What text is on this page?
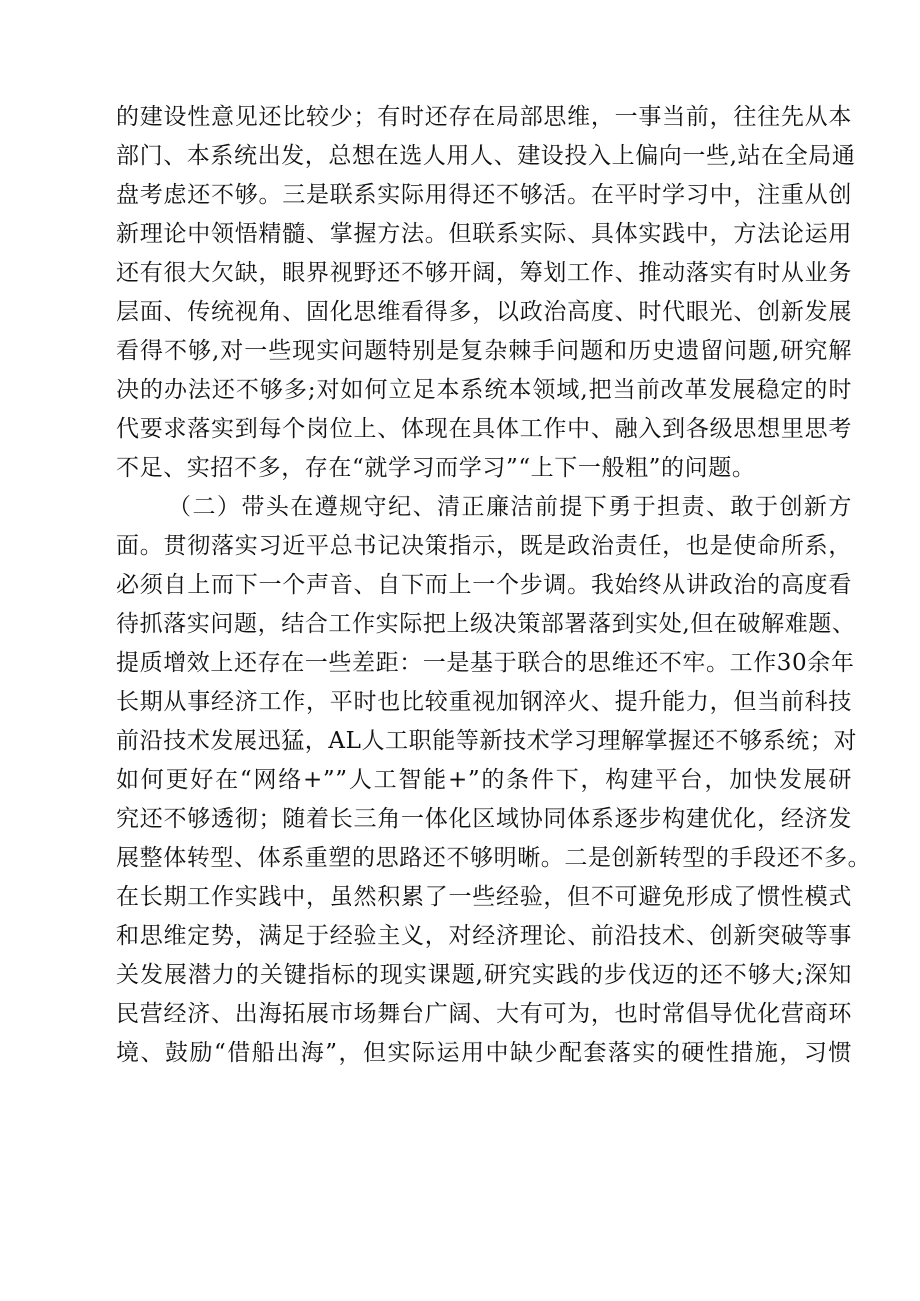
的建设性意见还比较少；有时还存在局部思维，一事当前，往往先从本
部门、本系统出发，总想在选人用人、建设投入上偏向一些,站在全局通
盘考虑还不够。三是联系实际用得还不够活。在平时学习中，注重从创
新理论中领悟精髓、掌握方法。但联系实际、具体实践中，方法论运用
还有很大欠缺，眼界视野还不够开阔，筹划工作、推动落实有时从业务
层面、传统视角、固化思维看得多，以政治高度、时代眼光、创新发展
看得不够,对一些现实问题特别是复杂棘手问题和历史遗留问题,研究解
决的办法还不够多;对如何立足本系统本领域,把当前改革发展稳定的时
代要求落实到每个岗位上、体现在具体工作中、融入到各级思想里思考
不足、实招不多，存在“就学习而学习”“上下一般粗”的问题。
（二）带头在遵规守纪、清正廉洁前提下勇于担责、敢于创新方
面。贯彻落实习近平总书记决策指示，既是政治责任，也是使命所系，
必须自上而下一个声音、自下而上一个步调。我始终从讲政治的高度看
待抓落实问题，结合工作实际把上级决策部署落到实处,但在破解难题、
提质增效上还存在一些差距：一是基于联合的思维还不牢。工作30余年
长期从事经济工作，平时也比较重视加钢淬火、提升能力，但当前科技
前沿技术发展迅猛，AL人工职能等新技术学习理解掌握还不够系统；对
如何更好在“网络+””人工智能+”的条件下，构建平台，加快发展研
究还不够透彻；随着长三角一体化区域协同体系逐步构建优化，经济发
展整体转型、体系重塑的思路还不够明晰。二是创新转型的手段还不多。
在长期工作实践中，虽然积累了一些经验，但不可避免形成了惯性模式
和思维定势，满足于经验主义，对经济理论、前沿技术、创新突破等事
关发展潜力的关键指标的现实课题,研究实践的步伐迈的还不够大;深知
民营经济、出海拓展市场舞台广阔、大有可为，也时常倡导优化营商环
境、鼓励“借船出海”，但实际运用中缺少配套落实的硬性措施，习惯
